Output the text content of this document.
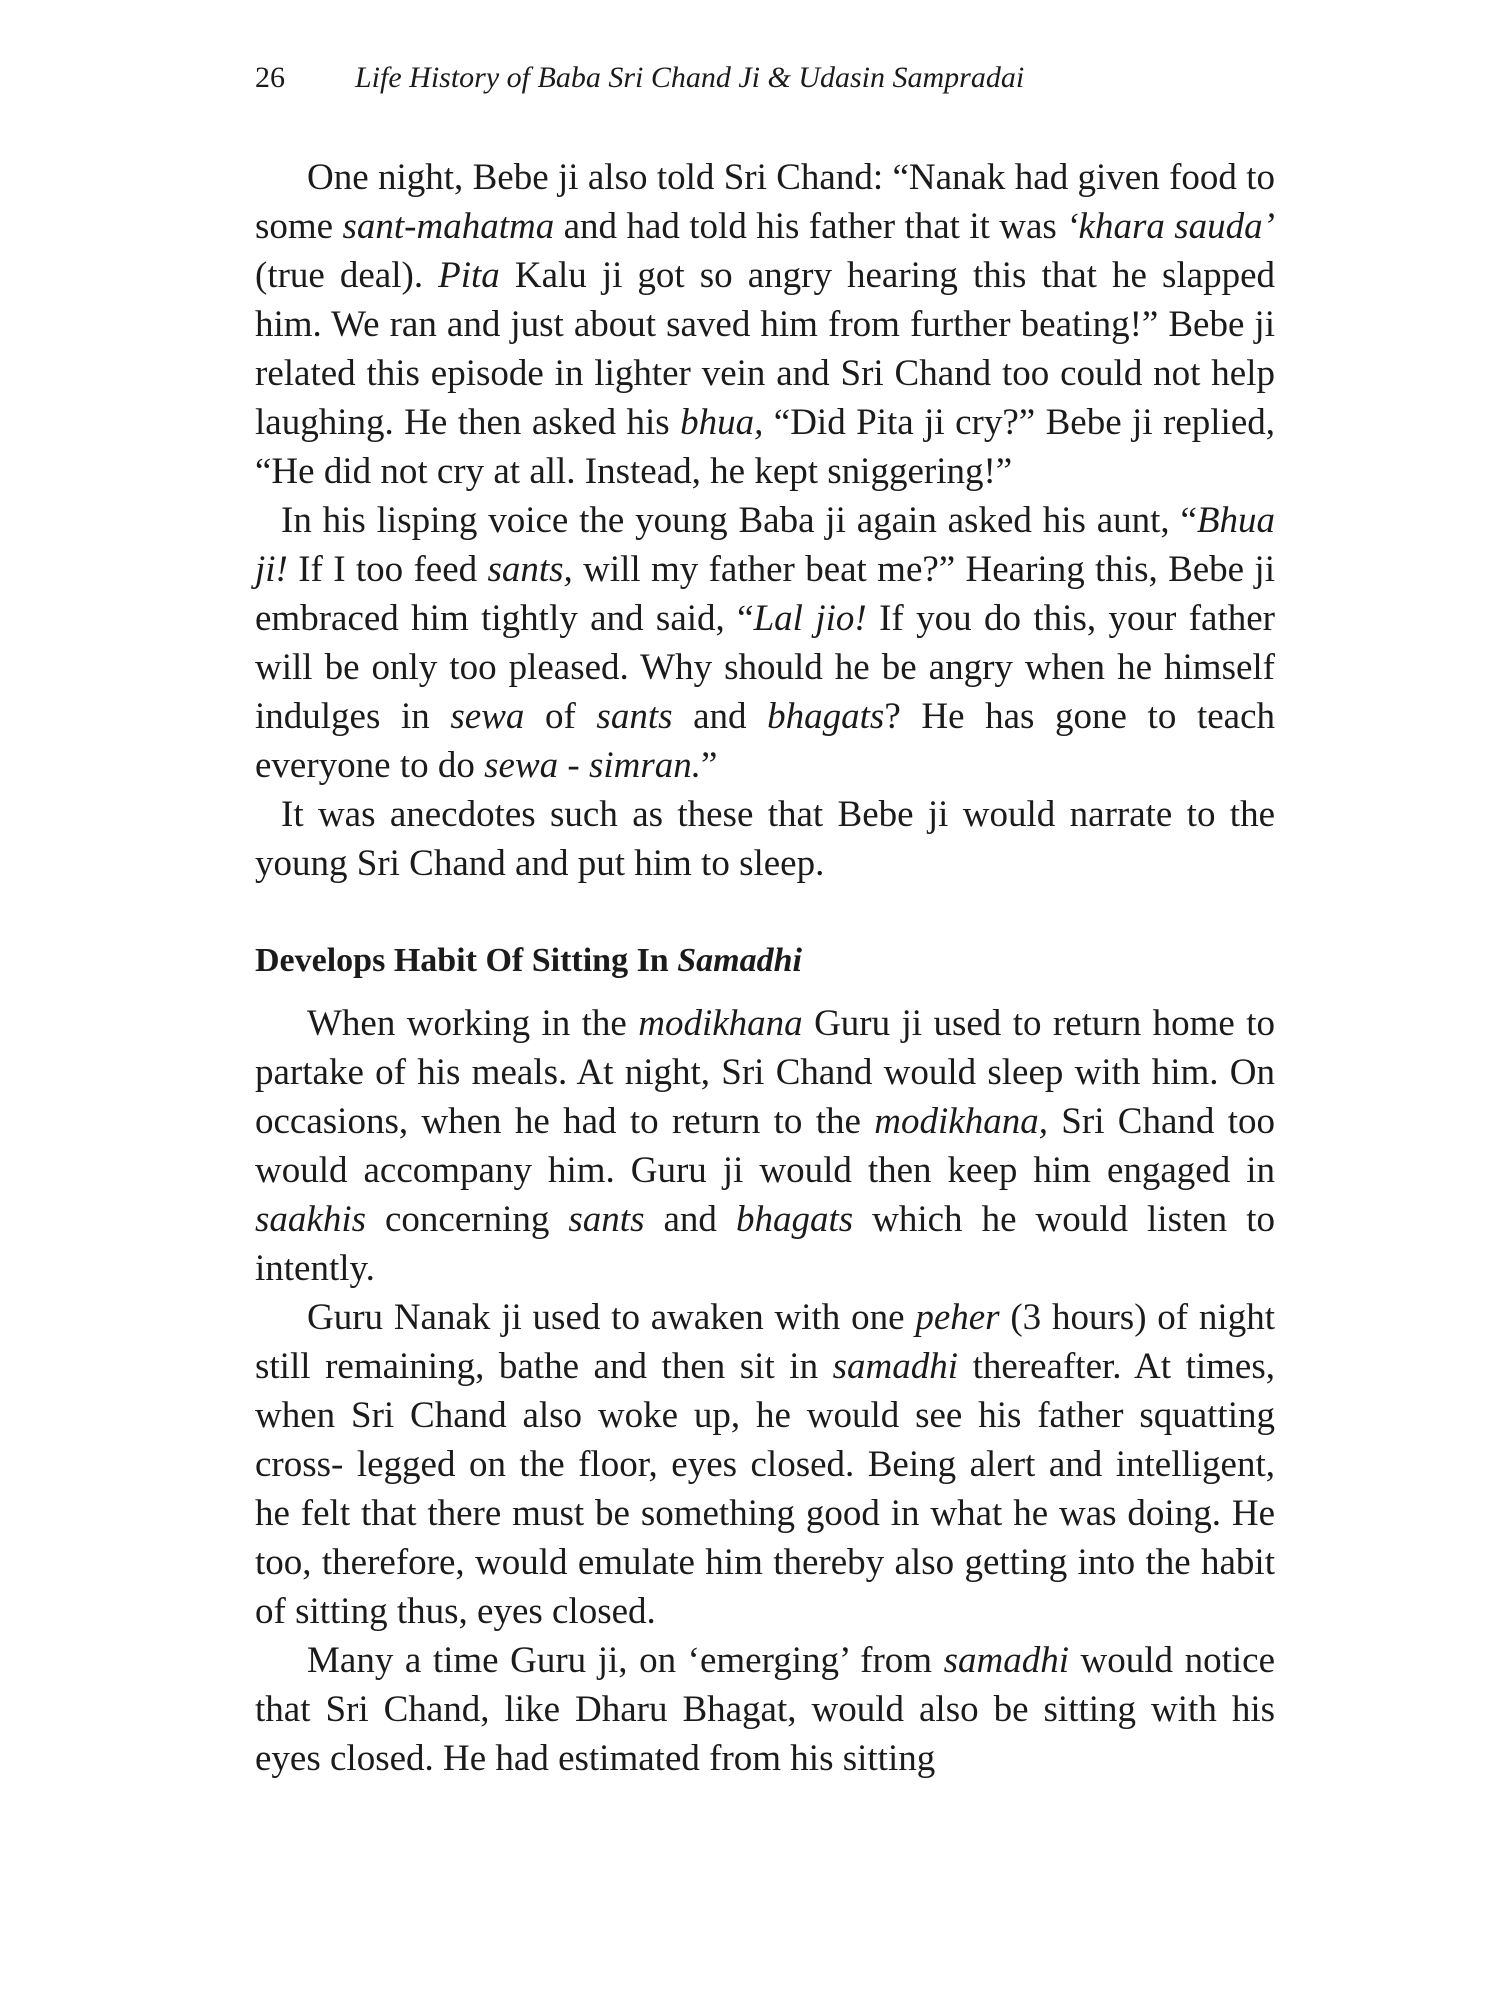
26 Life History of Baba Sri Chand Ji & Udasin Sampradai

One night, Bebe ji also told Sri Chand: “Nanak had given food to some sant-mahatma and had told his father that it was ‘khara sauda’ (true deal). Pita Kalu ji got so angry hearing this that he slapped him. We ran and just about saved him from further beating!” Bebe ji related this episode in lighter vein and Sri Chand too could not help laughing. He then asked his bhua, “Did Pita ji cry?” Bebe ji replied, “He did not cry at all. Instead, he kept sniggering!”

In his lisping voice the young Baba ji again asked his aunt, “Bhua ji! If I too feed sants, will my father beat me?” Hearing this, Bebe ji embraced him tightly and said, “Lal jio! If you do this, your father will be only too pleased. Why should he be angry when he himself indulges in sewa of sants and bhagats? He has gone to teach everyone to do sewa - simran.”

It was anecdotes such as these that Bebe ji would narrate to the young Sri Chand and put him to sleep.

Develops Habit Of Sitting In Samadhi

When working in the modikhana Guru ji used to return home to partake of his meals. At night, Sri Chand would sleep with him. On occasions, when he had to return to the modikhana, Sri Chand too would accompany him. Guru ji would then keep him engaged in saakhis concerning sants and bhagats which he would listen to intently.

Guru Nanak ji used to awaken with one peher (3 hours) of night still remaining, bathe and then sit in samadhi thereafter. At times, when Sri Chand also woke up, he would see his father squatting cross- legged on the floor, eyes closed. Being alert and intelligent, he felt that there must be something good in what he was doing. He too, therefore, would emulate him thereby also getting into the habit of sitting thus, eyes closed.

Many a time Guru ji, on ‘emerging’ from samadhi would notice that Sri Chand, like Dharu Bhagat, would also be sitting with his eyes closed. He had estimated from his sitting
